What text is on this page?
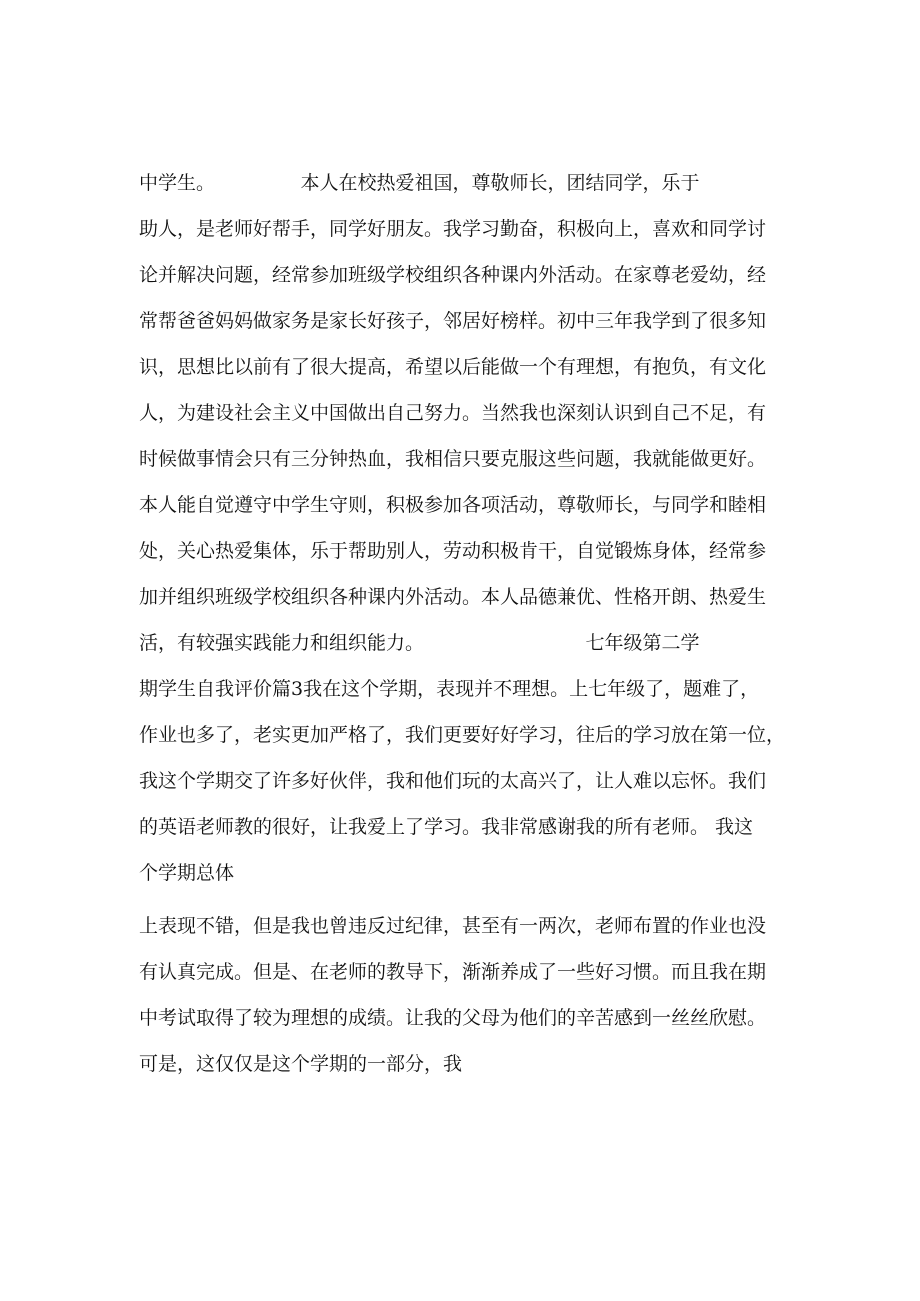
中学生。　　　　　本人在校热爱祖国，尊敬师长，团结同学，乐于
助人，是老师好帮手，同学好朋友。我学习勤奋，积极向上，喜欢和同学讨
论并解决问题，经常参加班级学校组织各种课内外活动。在家尊老爱幼，经
常帮爸爸妈妈做家务是家长好孩子，邻居好榜样。初中三年我学到了很多知
识，思想比以前有了很大提高，希望以后能做一个有理想，有抱负，有文化
人，为建设社会主义中国做出自己努力。当然我也深刻认识到自己不足，有
时候做事情会只有三分钟热血，我相信只要克服这些问题，我就能做更好。
本人能自觉遵守中学生守则，积极参加各项活动，尊敬师长，与同学和睦相
处，关心热爱集体，乐于帮助别人，劳动积极肯干，自觉锻炼身体，经常参
加并组织班级学校组织各种课内外活动。本人品德兼优、性格开朗、热爱生
活，有较强实践能力和组织能力。　　　　　　　　　七年级第二学
期学生自我评价篇3我在这个学期，表现并不理想。上七年级了，题难了，
作业也多了，老实更加严格了，我们更要好好学习，往后的学习放在第一位，
我这个学期交了许多好伙伴，我和他们玩的太高兴了，让人难以忘怀。我们
的英语老师教的很好，让我爱上了学习。我非常感谢我的所有老师。 我这
个学期总体
上表现不错，但是我也曾违反过纪律，甚至有一两次，老师布置的作业也没
有认真完成。但是、在老师的教导下，渐渐养成了一些好习惯。而且我在期
中考试取得了较为理想的成绩。让我的父母为他们的辛苦感到一丝丝欣慰。
可是，这仅仅是这个学期的一部分，我
